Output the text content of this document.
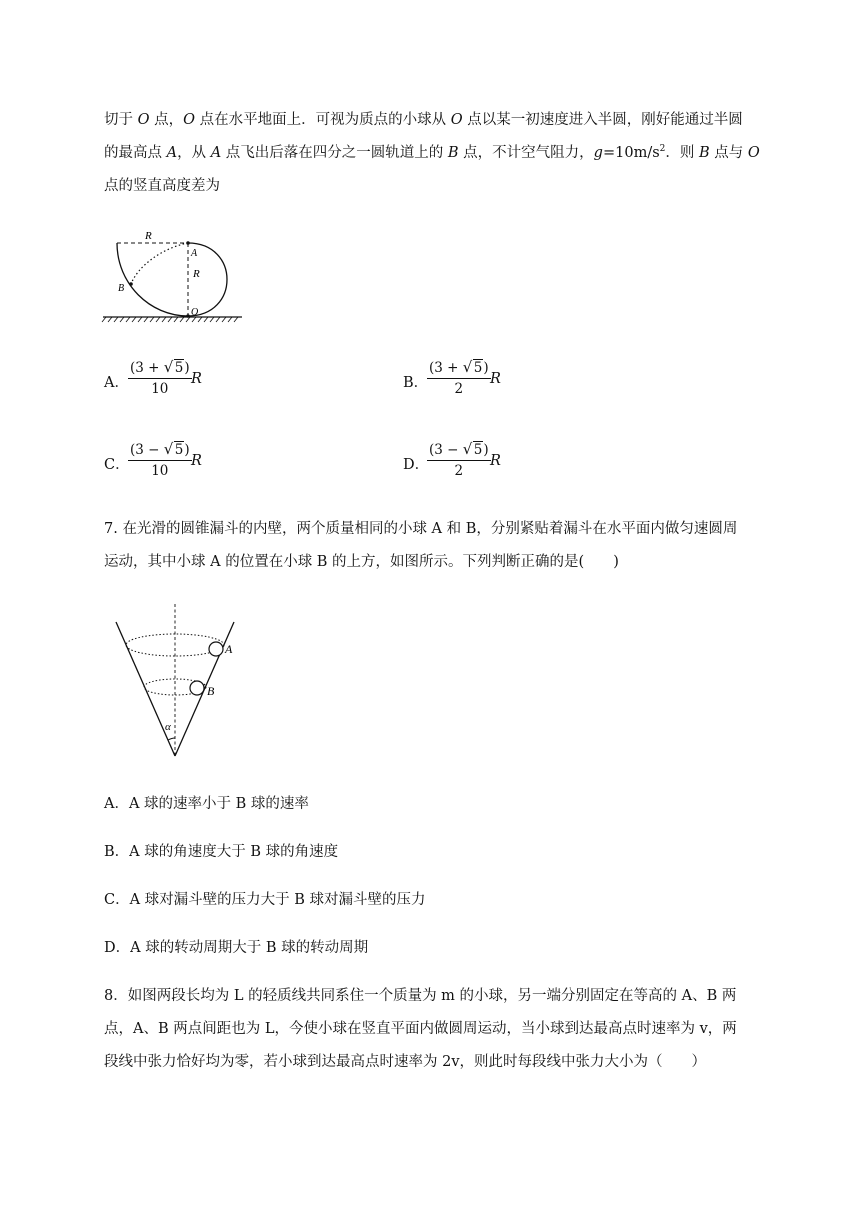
切于 O 点，O 点在水平地面上．可视为质点的小球从 O 点以某一初速度进入半圆，刚好能通过半圆
的最高点 A，从 A 点飞出后落在四分之一圆轨道上的 B 点，不计空气阻力，$g=10m/s^2$．则 B 点与 O
点的竖直高度差为
R
A
R
B
O
A．
(3 + √ 5)
10
R	B．
(3 + √ 5)
2
R
C．
(3 − √ 5)
10
R	D．
(3 − √ 5)
2
R
7. 在光滑的圆锥漏斗的内壁，两个质量相同的小球 A 和 B，分别紧贴着漏斗在水平面内做匀速圆周
运动，其中小球 A 的位置在小球 B 的上方，如图所示。下列判断正确的是(　　)
A
B
α
A．A 球的速率小于 B 球的速率
B．A 球的角速度大于 B 球的角速度
C．A 球对漏斗壁的压力大于 B 球对漏斗壁的压力
D．A 球的转动周期大于 B 球的转动周期
8．如图两段长均为 L 的轻质线共同系住一个质量为 m 的小球，另一端分别固定在等高的 A、B 两
点，A、B 两点间距也为 L，今使小球在竖直平面内做圆周运动，当小球到达最高点时速率为 v，两
段线中张力恰好均为零，若小球到达最高点时速率为 2v，则此时每段线中张力大小为（　　）
